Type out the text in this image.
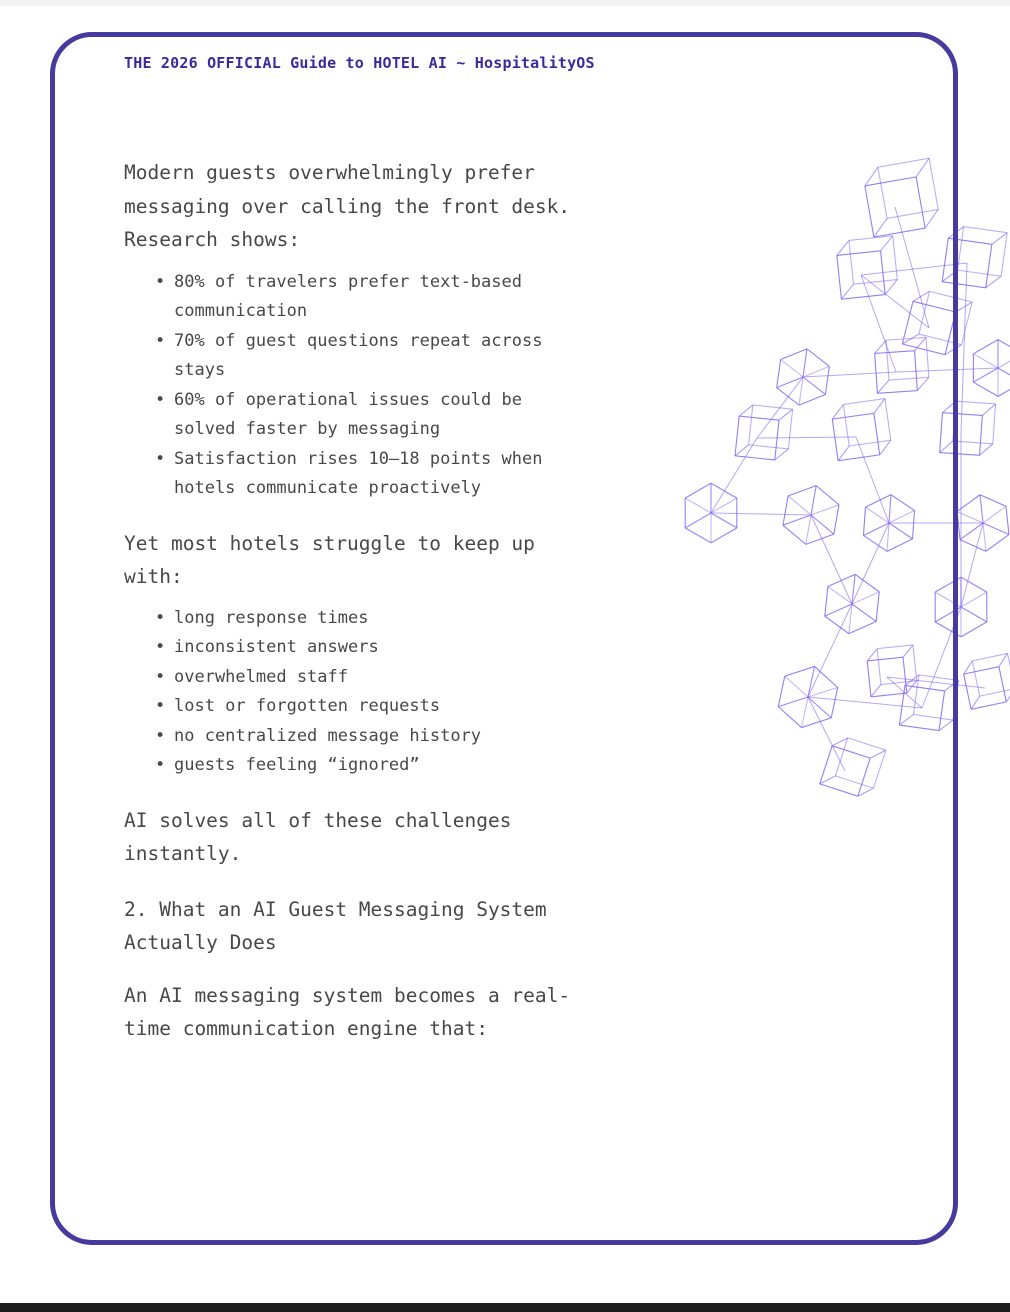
THE 2026 OFFICIAL Guide to HOTEL AI ~ HospitalityOS

Modern guests overwhelmingly prefer messaging over calling the front desk.
Research shows:

• 80% of travelers prefer text-based communication
• 70% of guest questions repeat across stays
• 60% of operational issues could be solved faster by messaging
• Satisfaction rises 10–18 points when hotels communicate proactively

Yet most hotels struggle to keep up with:

• long response times
• inconsistent answers
• overwhelmed staff
• lost or forgotten requests
• no centralized message history
• guests feeling “ignored”

AI solves all of these challenges instantly.

2. What an AI Guest Messaging System Actually Does

An AI messaging system becomes a real-time communication engine that:
